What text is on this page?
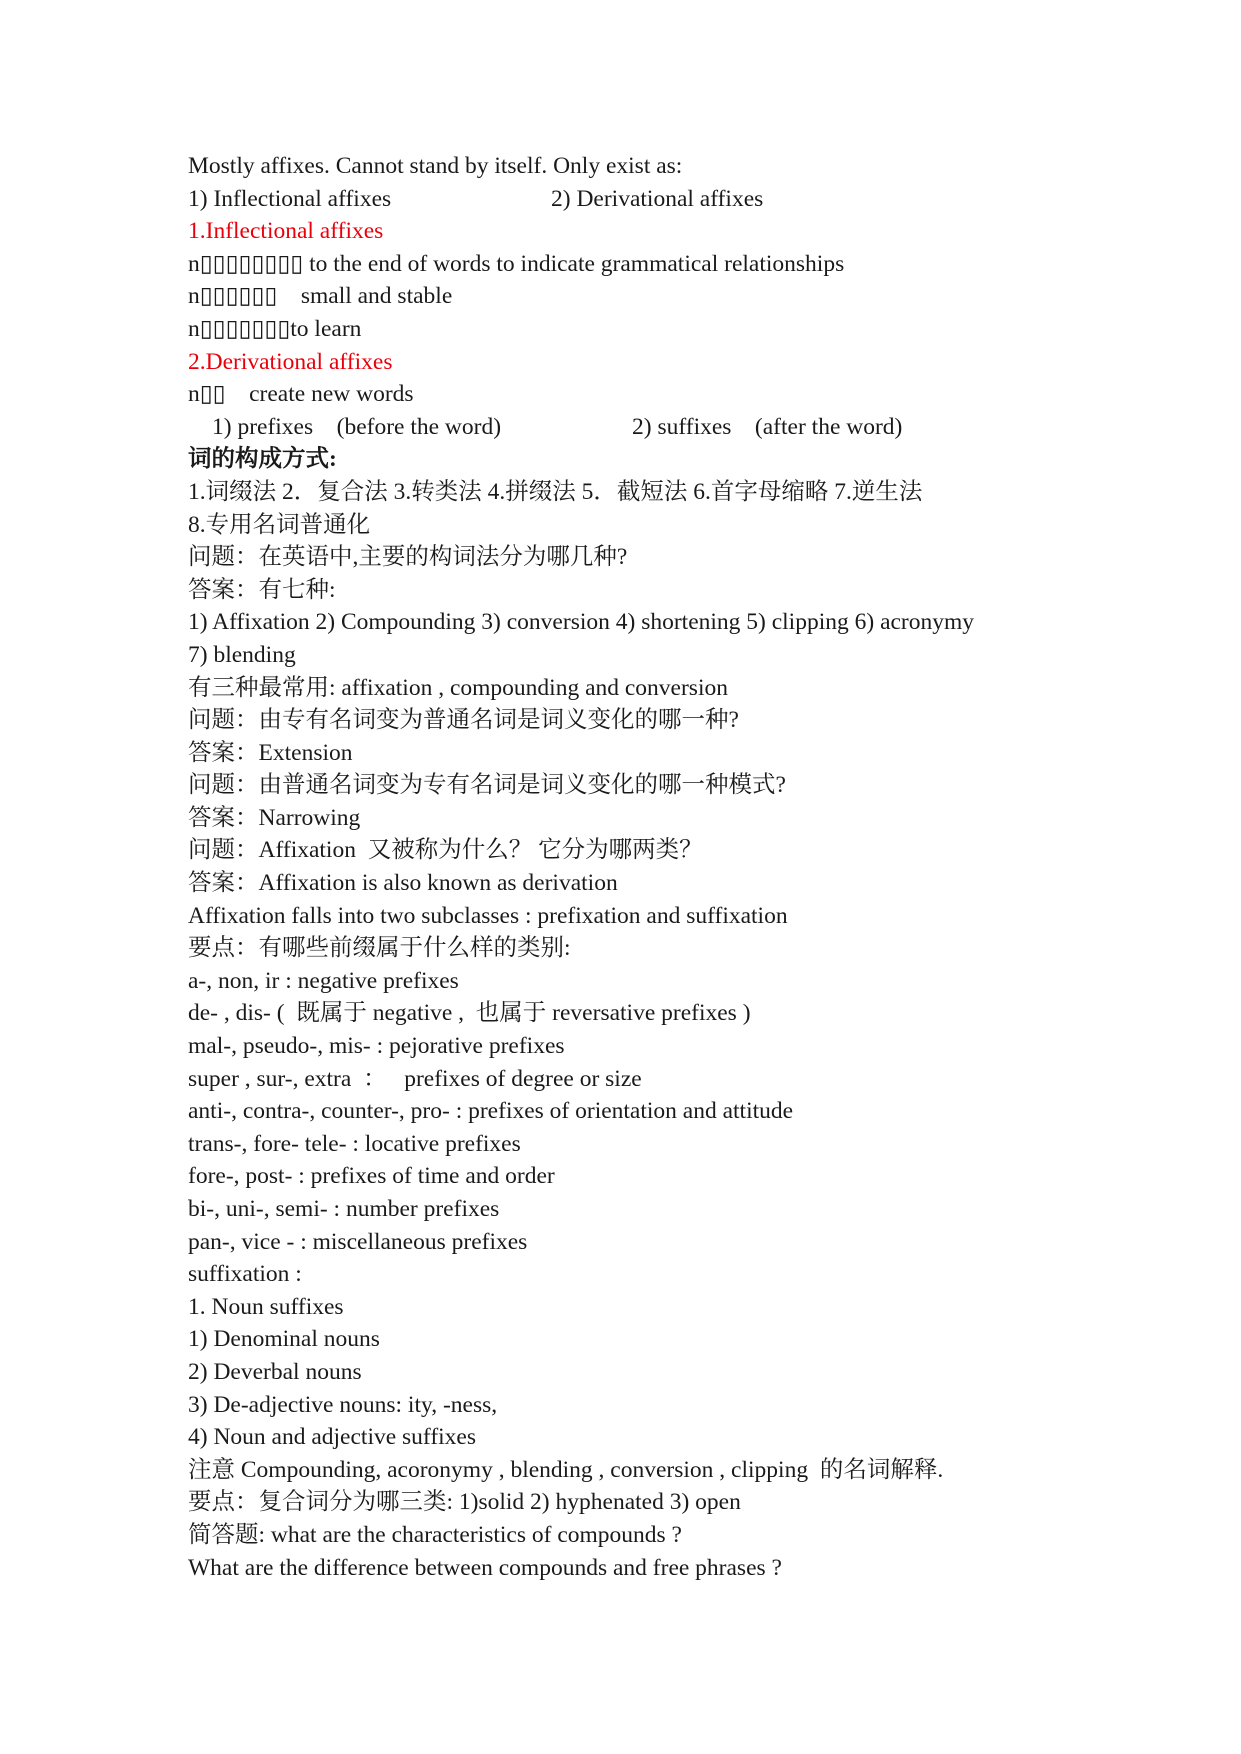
Mostly affixes. Cannot stand by itself. Only exist as:
1) Inflectional affixes	2) Derivational affixes
1.Inflectional affixes
n▯▯▯▯▯▯▯▯ to the end of words to indicate grammatical relationships
n▯▯▯▯▯▯    small and stable
n▯▯▯▯▯▯▯to learn
2.Derivational affixes
n▯▯    create new words
1) prefixes    (before the word)	2) suffixes    (after the word)
词的构成方式:
1.词缀法 2．复合法 3.转类法 4.拼缀法 5．截短法 6.首字母缩略 7.逆生法
8.专用名词普通化
问题：在英语中,主要的构词法分为哪几种?
答案：有七种:
1) Affixation 2) Compounding 3) conversion 4) shortening 5) clipping 6) acronymy 7) blending
有三种最常用: affixation , compounding and conversion
问题：由专有名词变为普通名词是词义变化的哪一种?
答案：Extension
问题：由普通名词变为专有名词是词义变化的哪一种模式?
答案：Narrowing
问题：Affixation  又被称为什么？ 它分为哪两类？
答案：Affixation is also known as derivation
Affixation falls into two subclasses : prefixation and suffixation
要点：有哪些前缀属于什么样的类别:
a-, non, ir : negative prefixes
de- , dis- (  既属于 negative ,  也属于 reversative prefixes )
mal-, pseudo-, mis- : pejorative prefixes
super , sur-, extra  ：   prefixes of degree or size
anti-, contra-, counter-, pro- : prefixes of orientation and attitude
trans-, fore- tele- : locative prefixes
fore-, post- : prefixes of time and order
bi-, uni-, semi- : number prefixes
pan-, vice - : miscellaneous prefixes
suffixation :
1. Noun suffixes
1) Denominal nouns
2) Deverbal nouns
3) De-adjective nouns: ity, -ness,
4) Noun and adjective suffixes
注意 Compounding, acoronymy , blending , conversion , clipping  的名词解释.
要点：复合词分为哪三类: 1)solid 2) hyphenated 3) open
简答题: what are the characteristics of compounds ?
What are the difference between compounds and free phrases ?
